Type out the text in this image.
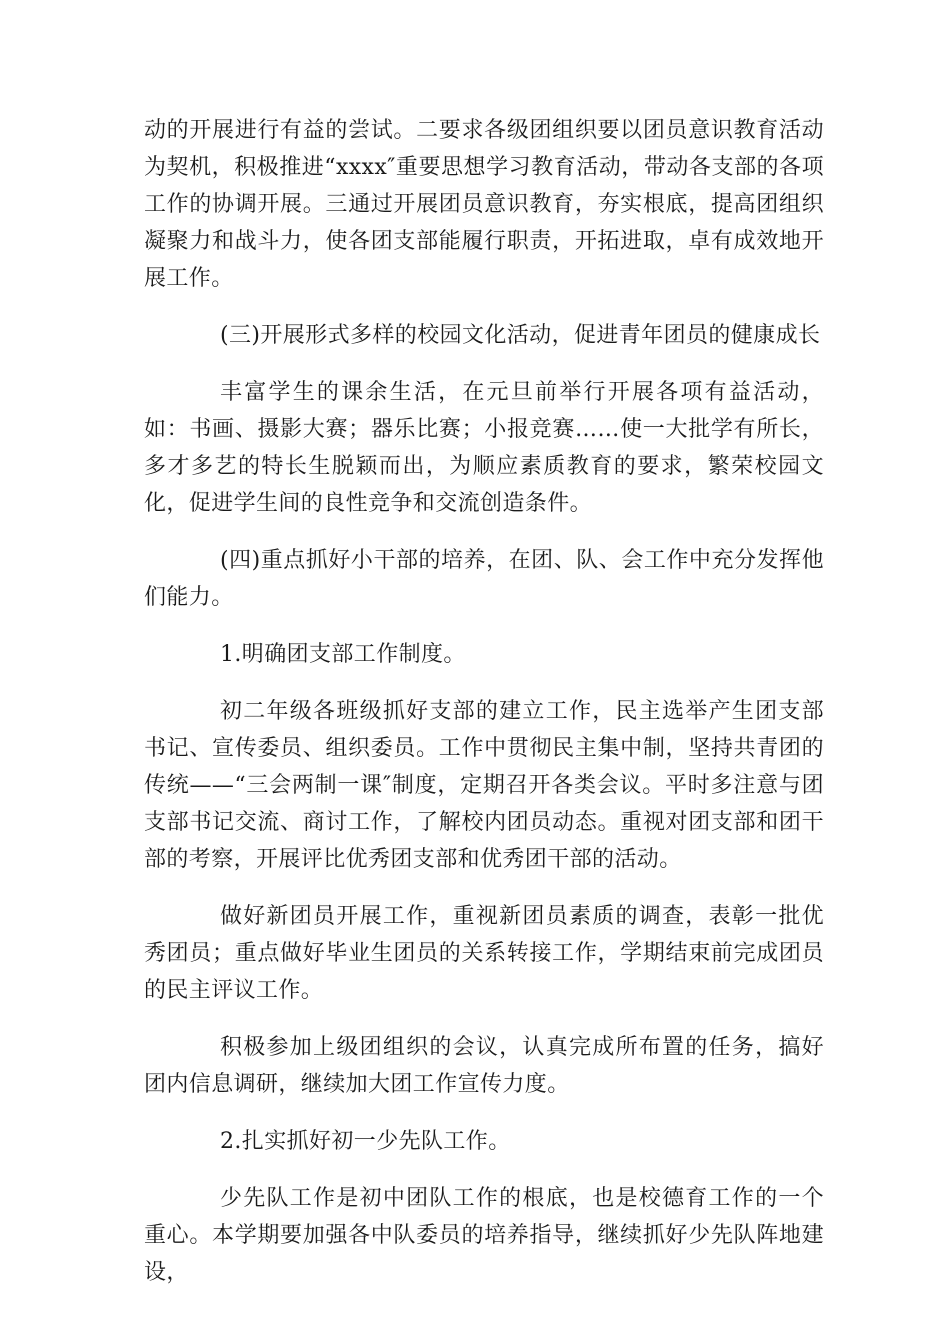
动的开展进行有益的尝试。二要求各级团组织要以团员意识教育活动为契机，积极推进“xxxx″重要思想学习教育活动，带动各支部的各项工作的协调开展。三通过开展团员意识教育，夯实根底，提高团组织凝聚力和战斗力，使各团支部能履行职责，开拓进取，卓有成效地开展工作。

(三)开展形式多样的校园文化活动，促进青年团员的健康成长

丰富学生的课余生活，在元旦前举行开展各项有益活动，如：书画、摄影大赛；器乐比赛；小报竞赛……使一大批学有所长，多才多艺的特长生脱颖而出，为顺应素质教育的要求，繁荣校园文化，促进学生间的良性竞争和交流创造条件。

(四)重点抓好小干部的培养，在团、队、会工作中充分发挥他们能力。

1.明确团支部工作制度。

初二年级各班级抓好支部的建立工作，民主选举产生团支部书记、宣传委员、组织委员。工作中贯彻民主集中制，坚持共青团的传统——“三会两制一课″制度，定期召开各类会议。平时多注意与团支部书记交流、商讨工作，了解校内团员动态。重视对团支部和团干部的考察，开展评比优秀团支部和优秀团干部的活动。

做好新团员开展工作，重视新团员素质的调查，表彰一批优秀团员；重点做好毕业生团员的关系转接工作，学期结束前完成团员的民主评议工作。

积极参加上级团组织的会议，认真完成所布置的任务，搞好团内信息调研，继续加大团工作宣传力度。

2.扎实抓好初一少先队工作。

少先队工作是初中团队工作的根底，也是校德育工作的一个重心。本学期要加强各中队委员的培养指导，继续抓好少先队阵地建设，
